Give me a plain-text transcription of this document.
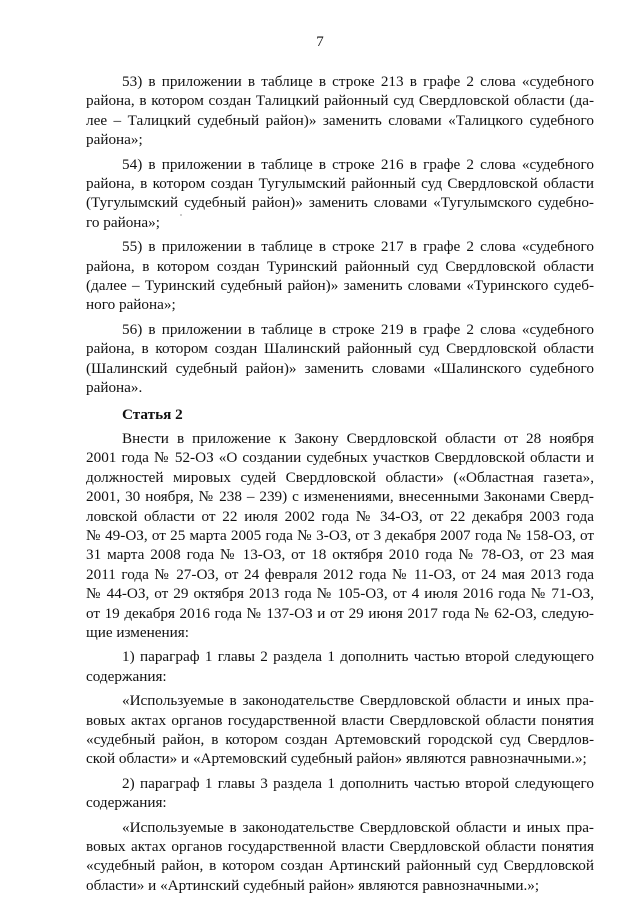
7

53) в приложении в таблице в строке 213 в графе 2 слова «судебного
района, в котором создан Талицкий районный суд Свердловской области (да-
лее – Талицкий судебный район)» заменить словами «Талицкого судебного
района»;

54) в приложении в таблице в строке 216 в графе 2 слова «судебного
района, в котором создан Тугулымский районный суд Свердловской области
(Тугулымский судебный район)» заменить словами «Тугулымского судебно-
го района»;

55) в приложении в таблице в строке 217 в графе 2 слова «судебного
района, в котором создан Туринский районный суд Свердловской области
(далее – Туринский судебный район)» заменить словами «Туринского судеб-
ного района»;

56) в приложении в таблице в строке 219 в графе 2 слова «судебного
района, в котором создан Шалинский районный суд Свердловской области
(Шалинский судебный район)» заменить словами «Шалинского судебного
района».

Статья 2

Внести в приложение к Закону Свердловской области от 28 ноября
2001 года № 52-ОЗ «О создании судебных участков Свердловской области и
должностей мировых судей Свердловской области» («Областная газета»,
2001, 30 ноября, № 238 – 239) с изменениями, внесенными Законами Сверд-
ловской области от 22 июля 2002 года № 34-ОЗ, от 22 декабря 2003 года
№ 49-ОЗ, от 25 марта 2005 года № 3-ОЗ, от 3 декабря 2007 года № 158-ОЗ, от
31 марта 2008 года № 13-ОЗ, от 18 октября 2010 года № 78-ОЗ, от 23 мая
2011 года № 27-ОЗ, от 24 февраля 2012 года № 11-ОЗ, от 24 мая 2013 года
№ 44-ОЗ, от 29 октября 2013 года № 105-ОЗ, от 4 июля 2016 года № 71-ОЗ,
от 19 декабря 2016 года № 137-ОЗ и от 29 июня 2017 года № 62-ОЗ, следую-
щие изменения:

1) параграф 1 главы 2 раздела 1 дополнить частью второй следующего
содержания:

«Используемые в законодательстве Свердловской области и иных пра-
вовых актах органов государственной власти Свердловской области понятия
«судебный район, в котором создан Артемовский городской суд Свердлов-
ской области» и «Артемовский судебный район» являются равнозначными.»;

2) параграф 1 главы 3 раздела 1 дополнить частью второй следующего
содержания:

«Используемые в законодательстве Свердловской области и иных пра-
вовых актах органов государственной власти Свердловской области понятия
«судебный район, в котором создан Артинский районный суд Свердловской
области» и «Артинский судебный район» являются равнозначными.»;
